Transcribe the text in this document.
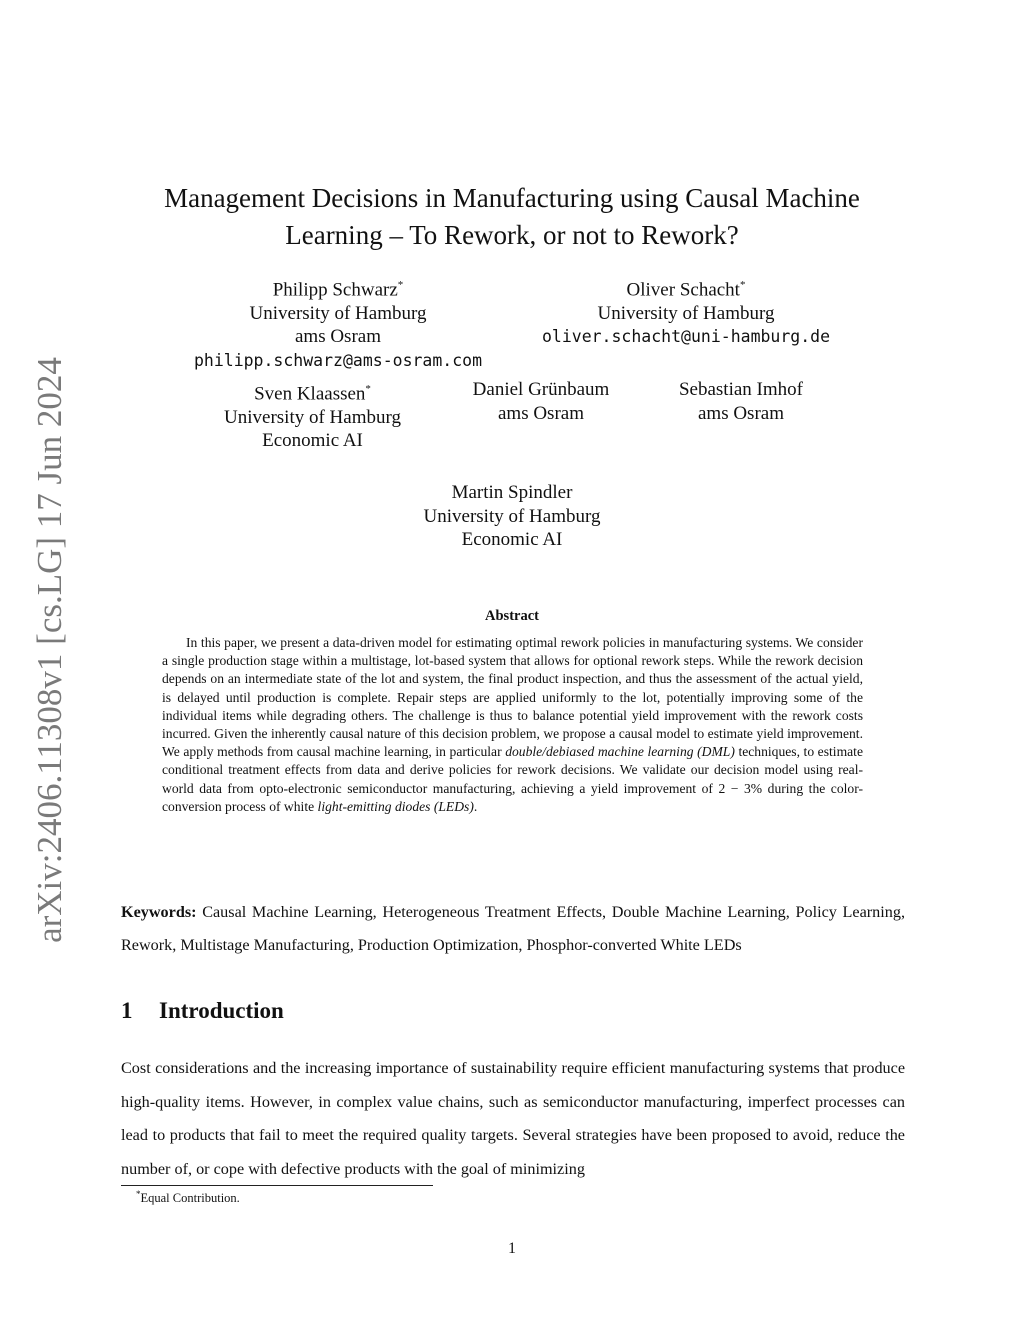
arXiv:2406.11308v1 [cs.LG] 17 Jun 2024
Management Decisions in Manufacturing using Causal Machine
Learning – To Rework, or not to Rework?
Philipp Schwarz*
University of Hamburg
ams Osram
philipp.schwarz@ams-osram.com
Oliver Schacht*
University of Hamburg
oliver.schacht@uni-hamburg.de
Sven Klaassen*
University of Hamburg
Economic AI
Daniel Grünbaum
ams Osram
Sebastian Imhof
ams Osram
Martin Spindler
University of Hamburg
Economic AI
Abstract
In this paper, we present a data-driven model for estimating optimal rework policies in manufacturing systems. We consider a single production stage within a multistage, lot-based system that allows for optional rework steps. While the rework decision depends on an intermediate state of the lot and system, the final product inspection, and thus the assessment of the actual yield, is delayed until production is complete. Repair steps are applied uniformly to the lot, potentially improving some of the individual items while degrading others. The challenge is thus to balance potential yield improvement with the rework costs incurred. Given the inherently causal nature of this decision problem, we propose a causal model to estimate yield improvement. We apply methods from causal machine learning, in particular double/debiased machine learning (DML) techniques, to estimate conditional treatment effects from data and derive policies for rework decisions. We validate our decision model using real-world data from opto-electronic semiconductor manufacturing, achieving a yield improvement of 2 − 3% during the color-conversion process of white light-emitting diodes (LEDs).
Keywords: Causal Machine Learning, Heterogeneous Treatment Effects, Double Machine Learning, Policy Learning, Rework, Multistage Manufacturing, Production Optimization, Phosphor-converted White LEDs
1 Introduction
Cost considerations and the increasing importance of sustainability require efficient manufacturing systems that produce high-quality items. However, in complex value chains, such as semiconductor manufacturing, imperfect processes can lead to products that fail to meet the required quality targets. Several strategies have been proposed to avoid, reduce the number of, or cope with defective products with the goal of minimizing
*Equal Contribution.
1
